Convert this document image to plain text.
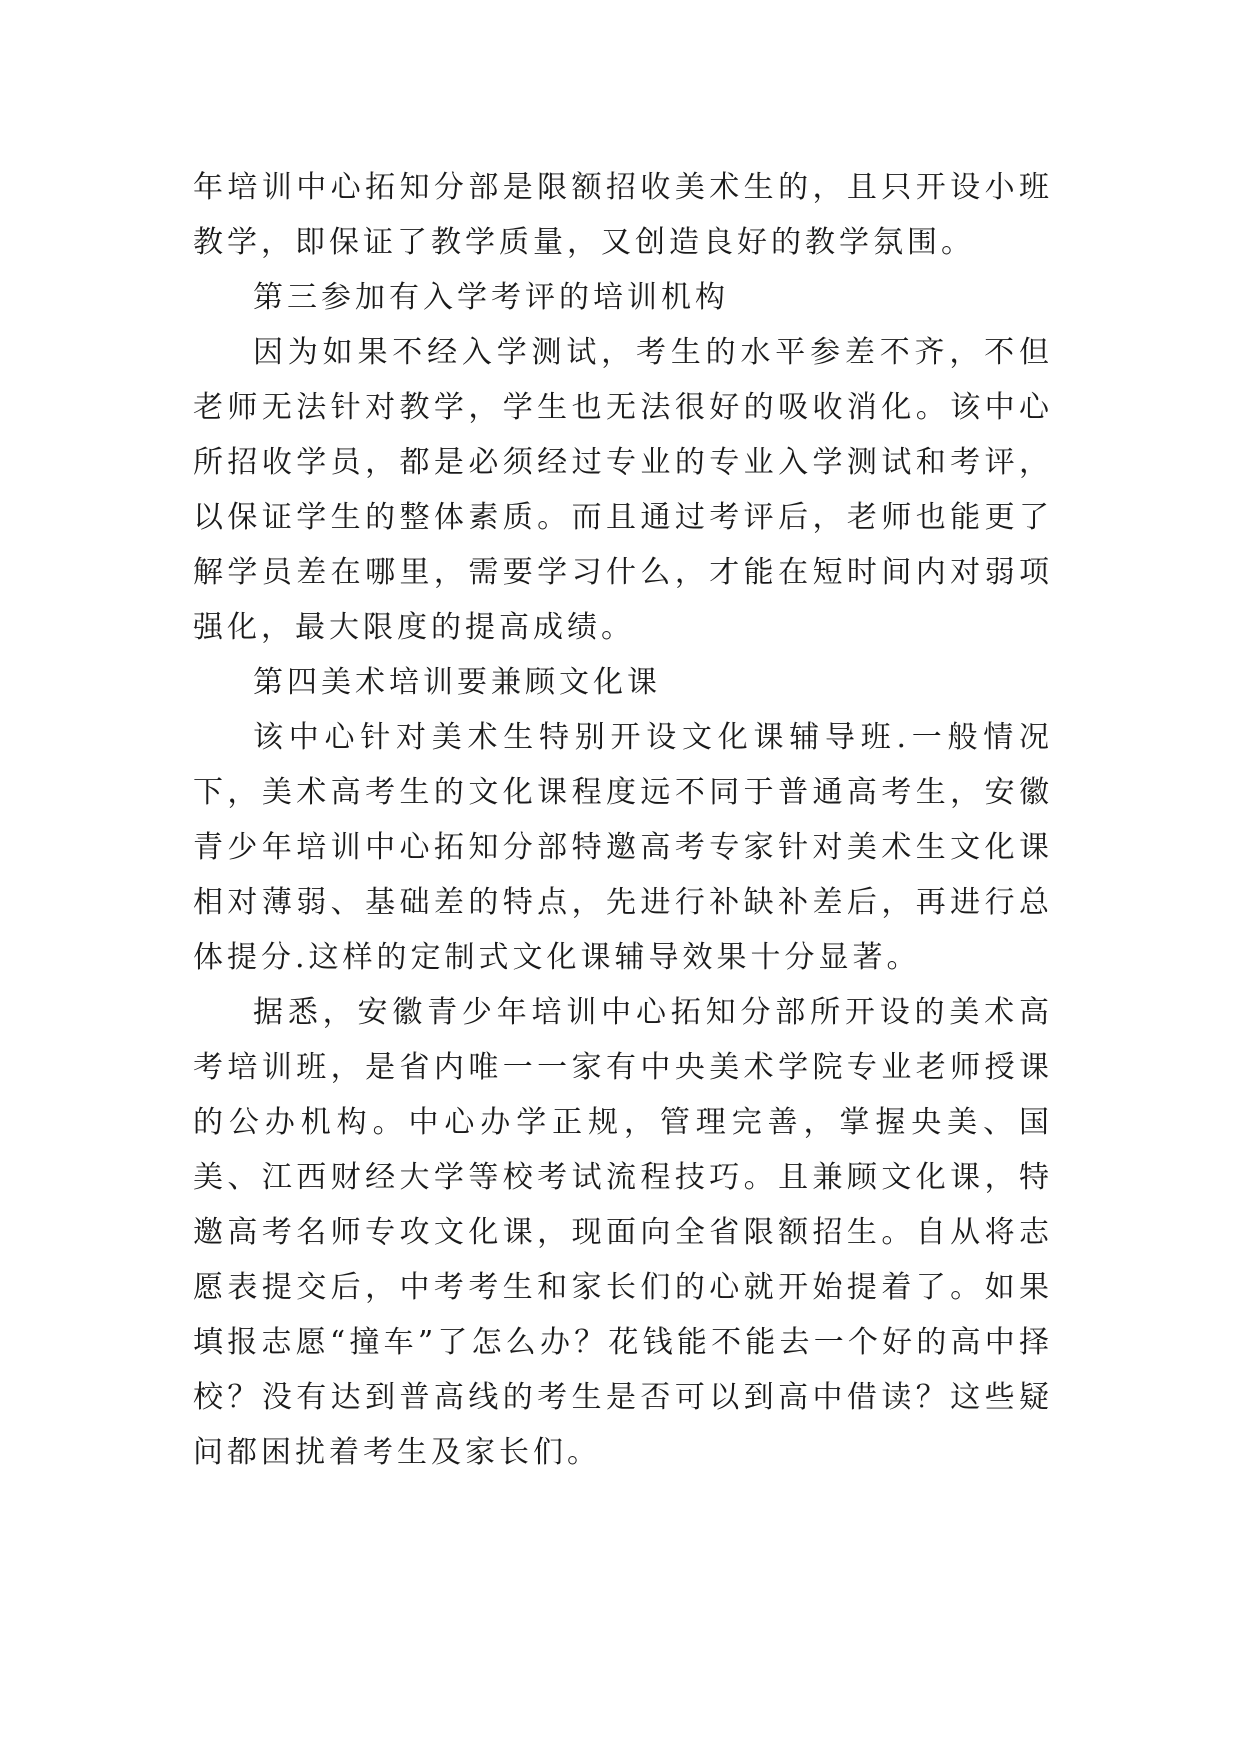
年培训中心拓知分部是限额招收美术生的，且只开设小班教学，即保证了教学质量，又创造良好的教学氛围。

第三参加有入学考评的培训机构

因为如果不经入学测试，考生的水平参差不齐，不但老师无法针对教学，学生也无法很好的吸收消化。该中心所招收学员，都是必须经过专业的专业入学测试和考评，以保证学生的整体素质。而且通过考评后，老师也能更了解学员差在哪里，需要学习什么，才能在短时间内对弱项强化，最大限度的提高成绩。

第四美术培训要兼顾文化课

该中心针对美术生特别开设文化课辅导班.一般情况下，美术高考生的文化课程度远不同于普通高考生，安徽青少年培训中心拓知分部特邀高考专家针对美术生文化课相对薄弱、基础差的特点，先进行补缺补差后，再进行总体提分.这样的定制式文化课辅导效果十分显著。

据悉，安徽青少年培训中心拓知分部所开设的美术高考培训班，是省内唯一一家有中央美术学院专业老师授课的公办机构。中心办学正规，管理完善，掌握央美、国美、江西财经大学等校考试流程技巧。且兼顾文化课，特邀高考名师专攻文化课，现面向全省限额招生。自从将志愿表提交后，中考考生和家长们的心就开始提着了。如果填报志愿“撞车”了怎么办？花钱能不能去一个好的高中择校？没有达到普高线的考生是否可以到高中借读？这些疑问都困扰着考生及家长们。
